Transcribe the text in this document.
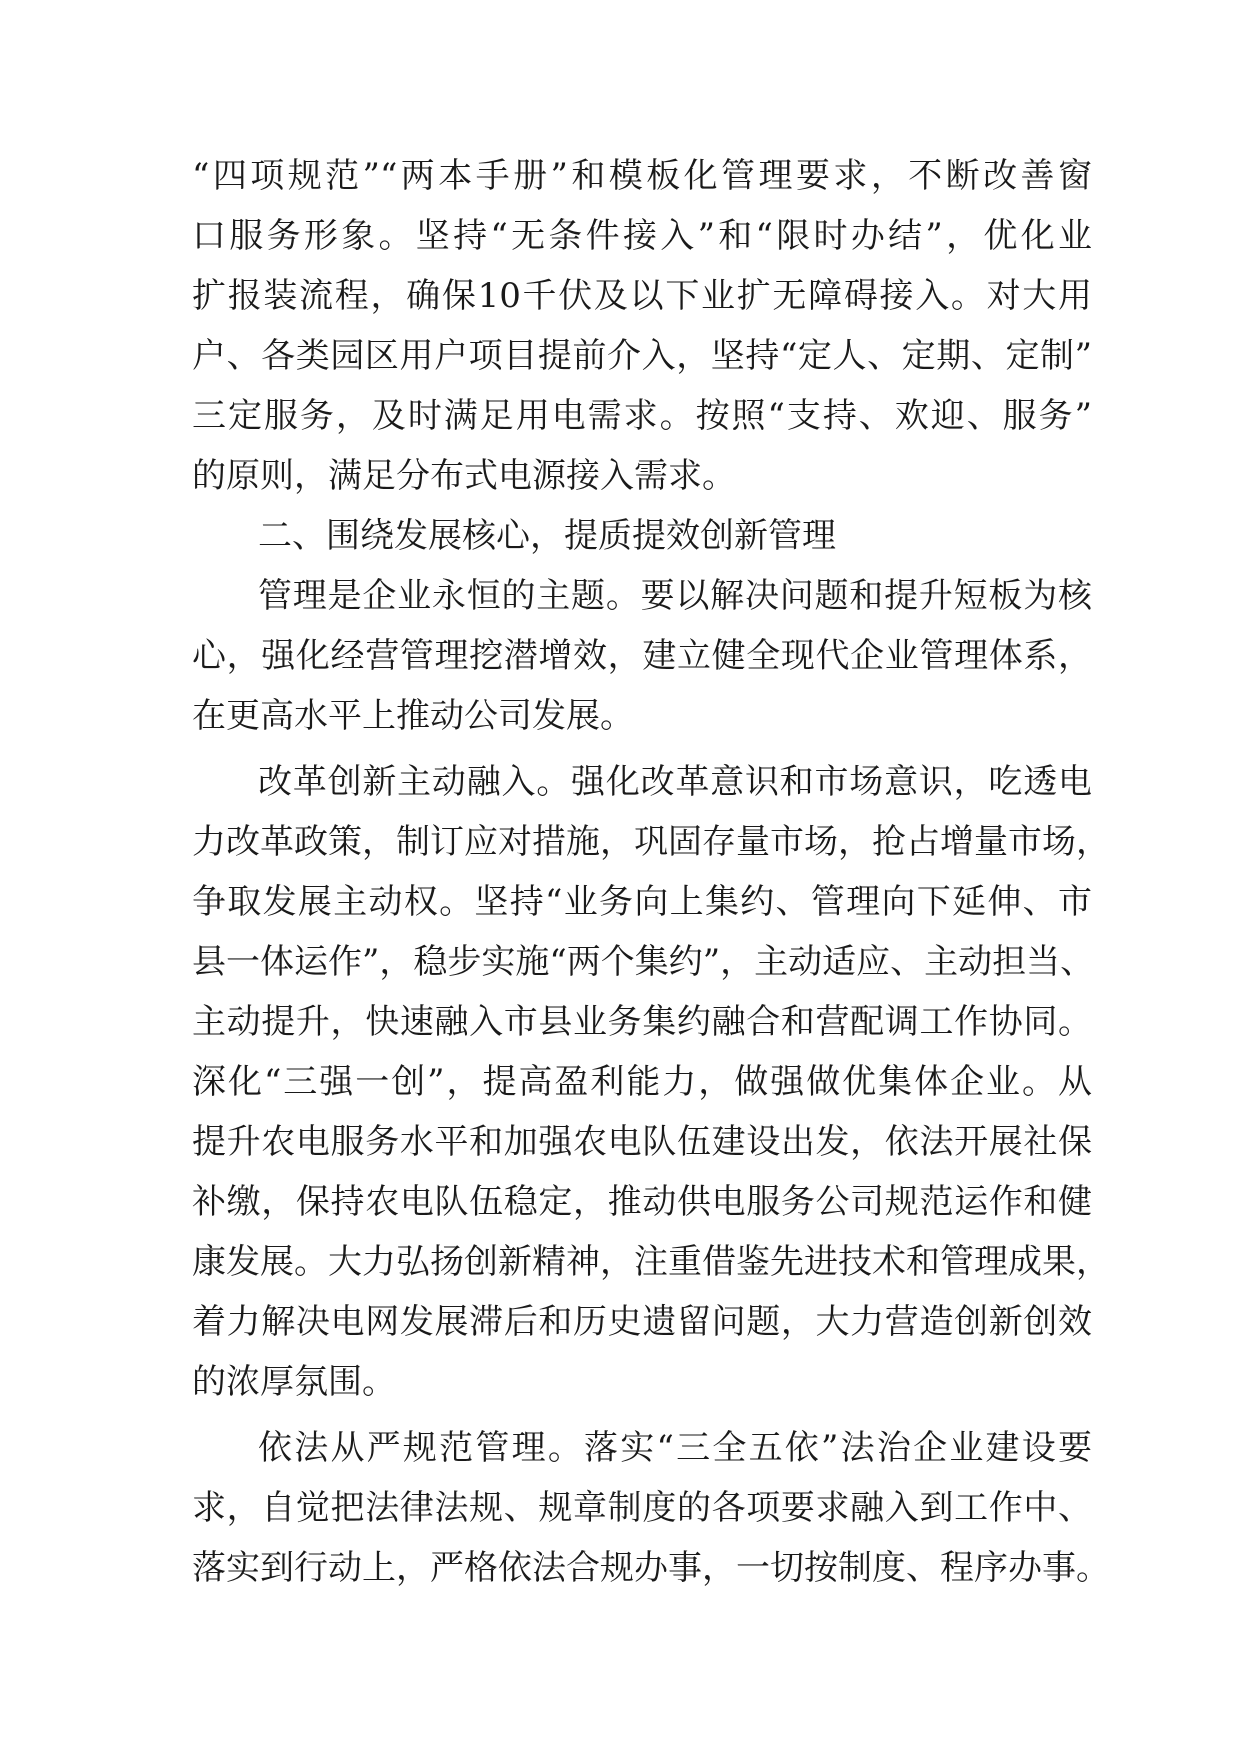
“四项规范”“两本手册”和模板化管理要求，不断改善窗
口服务形象。坚持“无条件接入”和“限时办结”，优化业
扩报装流程，确保10千伏及以下业扩无障碍接入。对大用
户、各类园区用户项目提前介入，坚持“定人、定期、定制”
三定服务，及时满足用电需求。按照“支持、欢迎、服务”
的原则，满足分布式电源接入需求。
二、围绕发展核心，提质提效创新管理
管理是企业永恒的主题。要以解决问题和提升短板为核
心，强化经营管理挖潜增效，建立健全现代企业管理体系，
在更高水平上推动公司发展。
改革创新主动融入。强化改革意识和市场意识，吃透电
力改革政策，制订应对措施，巩固存量市场，抢占增量市场，
争取发展主动权。坚持“业务向上集约、管理向下延伸、市
县一体运作”，稳步实施“两个集约”，主动适应、主动担当、
主动提升，快速融入市县业务集约融合和营配调工作协同。
深化“三强一创”，提高盈利能力，做强做优集体企业。从
提升农电服务水平和加强农电队伍建设出发，依法开展社保
补缴，保持农电队伍稳定，推动供电服务公司规范运作和健
康发展。大力弘扬创新精神，注重借鉴先进技术和管理成果，
着力解决电网发展滞后和历史遗留问题，大力营造创新创效
的浓厚氛围。
依法从严规范管理。落实“三全五依”法治企业建设要
求，自觉把法律法规、规章制度的各项要求融入到工作中、
落实到行动上，严格依法合规办事，一切按制度、程序办事。
